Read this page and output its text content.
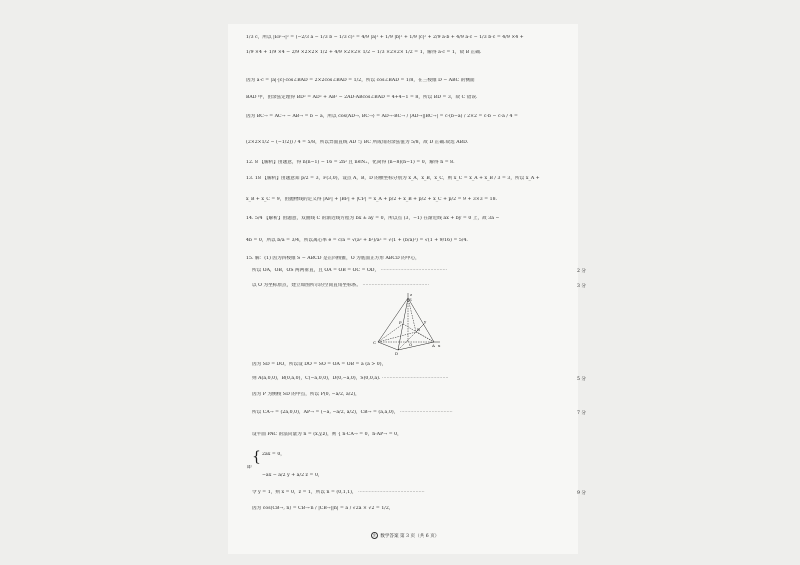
1/3 c，所以 |EF→|² = (−2/3 a − 1/3 b − 1/3 c)² = 4/9 |a|² + 1/9 |b|² + 1/9 |c|² + 2/9 a·b + 4/9 a·c − 1/3 b·c = 4/9 ×4 +
1/9 ×4 + 1/9 ×4 − 2/9 ×2×2× 1/2 + 4/9 ×2×2× 1/2 − 1/3 ×2×2× 1/2 = 1，解得 a·c = 1，故 B 正确.
因为 a·c = |a|·|c|·cos∠BAD = 2×2cos∠BAD = 1/2，所以 cos∠BAD = 1/8，在三棱锥 D − ABC 的侧面
BAD 中，由余弦定理得 BD² = AD² + AB² − 2AD·ABcos∠BAD = 4+4−1 = 8，所以 BD = 3，故 C 错误.
因为 BC→ = AC→ − AB→ = b − a，所以 cos⟨AD→, BC→⟩ = AD→·BC→ / |AD→||BC→| = c·(b−a) / 2×2 = c·b − c·a / 4 =
(2×2×1/2 − (−1/2)) / 4 = 5/8，所以异面直线 AD 与 BC 所成角的余弦值为 5/8，故 D 正确.故选 ABD.
12. 8 【解析】由题意，得 n(n−1) − 16 = 2n² 且 n∈N₊，化简得 (n−8)(n−1) = 0，解得 n = 8.
13. 18 【解析】由题意知 p/2 = 3，F(3,0)，设点 A，B，D 的横坐标分别为 x_A，x_B，x_C，则 x_C = x_A + x_B / 3 = 3，所以 x_A +
x_B + x_C = 9，由抛物线的定义得 |AF| + |BF| + |CF| = x_A + p/2 + x_B + p/2 + x_C + p/2 = 9 + 3×3 = 18.
14. 5/4 【解析】由题意，双曲线 C 的渐近线方程为 bx ± ay = 0，所以点 (3，−1) 在渐近线 ax + by = 0 上，故 3a −
4b = 0，所以 b/a = 3/4，所以离心率 e = c/a = √(a² + b²)/a² = √(1 + (b/a)²) = √(1 + 9/16) = 5/4.
15. 解：(1) 因为四棱锥 S − ABCD 是正四棱锥，O 为底面正方形 ABCD 的中心，
所以 OA，OB，OS 两两垂直，且 OA = OB = OC = OD， ············································	2 分
以 O 为坐标原点，建立如图所示的空间直角坐标系。 ············································	3 分
S
P
D
C	O	A
B
x
y
z
因为 SD = DO，所以设 DO = SO = OA = OB = a (a > 0)，
则 A(a,0,0)，B(0,a,0)，C(−a,0,0)，D(0,−a,0)，S(0,0,a). ············································	5 分
因为 P 为侧棱 SD 的中点，所以 P(0, −a/2, a/2)，
所以 CA→ = (2a,0,0)，AP→ = (−a, −a/2, a/2)，CB→ = (a,a,0)， ···································	7 分
设平面 PAC 的法向量为 n = (x,y,z)，则 { n·CA→ = 0，n·AP→ = 0，
{ 2ax = 0，
即
−ax − a/2 y + a/2 z = 0，
令 y = 1，则 x = 0，z = 1，所以 n = (0,1,1)， ············································	9 分
因为 cos⟨CB→, n⟩ = CB→·n / |CB→||n| = a / √2a × √2 = 1/2，
金 数学答案 第 3 页（共 6 页）
